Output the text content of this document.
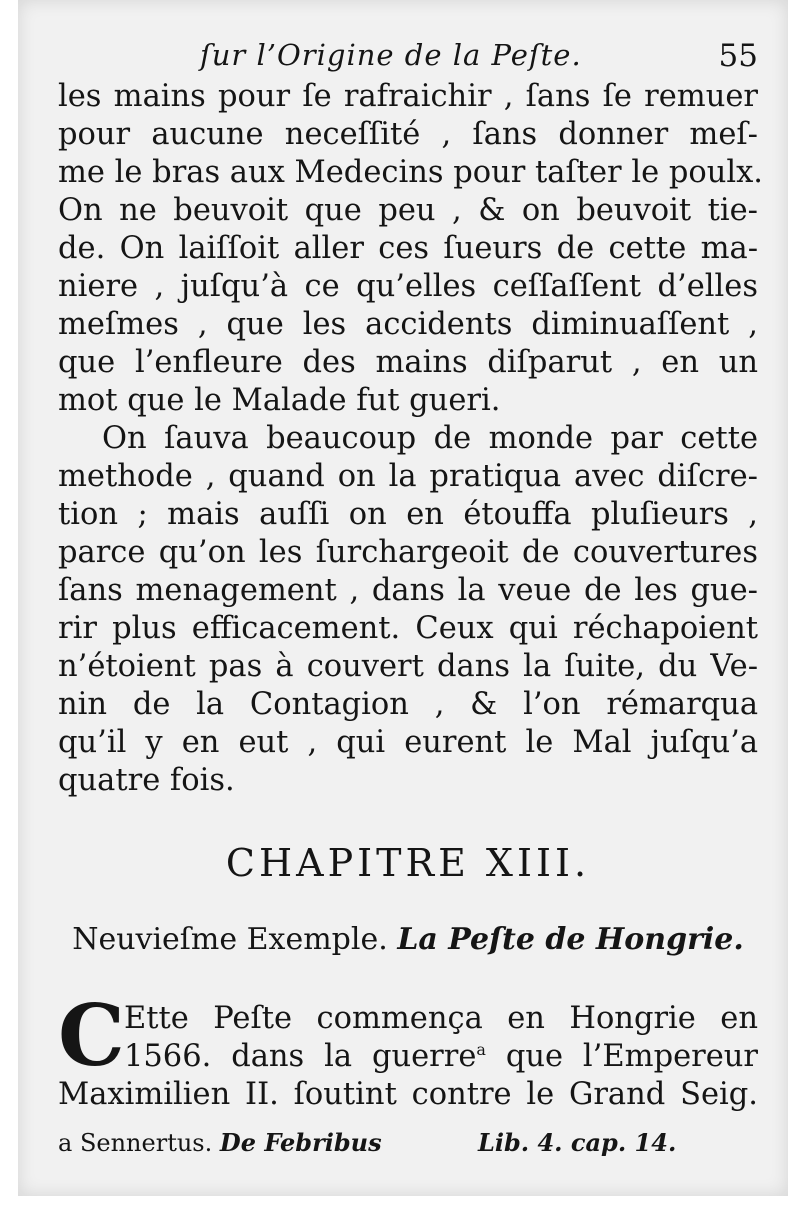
ſur l’Origine de la Peſte.	55
les mains pour ſe rafraichir , ſans ſe remuer
pour aucune neceſſité , ſans donner meſ-
me le bras aux Medecins pour taſter le poulx.
On ne beuvoit que peu , & on beuvoit tie-
de. On laiſſoit aller ces ſueurs de cette ma-
niere , juſqu’à ce qu’elles ceſſaſſent d’elles
meſmes , que les accidents diminuaſſent ,
que l’enfleure des mains diſparut , en un
mot que le Malade fut gueri.
On ſauva beaucoup de monde par cette
methode , quand on la pratiqua avec diſcre-
tion ; mais auſſi on en étouffa pluſieurs ,
parce qu’on les ſurchargeoit de couvertures
ſans menagement , dans la veue de les gue-
rir plus efficacement. Ceux qui réchapoient
n’étoient pas à couvert dans la ſuite, du Ve-
nin de la Contagion , & l’on rémarqua
qu’il y en eut , qui eurent le Mal juſqu’a
quatre fois.
CHAPITRE XIII.
Neuvieſme Exemple. La Peſte de Hongrie.
C Ette Peſte commença en Hongrie en
1566. dans la guerre$^a$ que l’Empereur
Maximilien II. ſoutint contre le Grand Seig.
a Sennertus. De Febribus	Lib. 4. cap. 14.
